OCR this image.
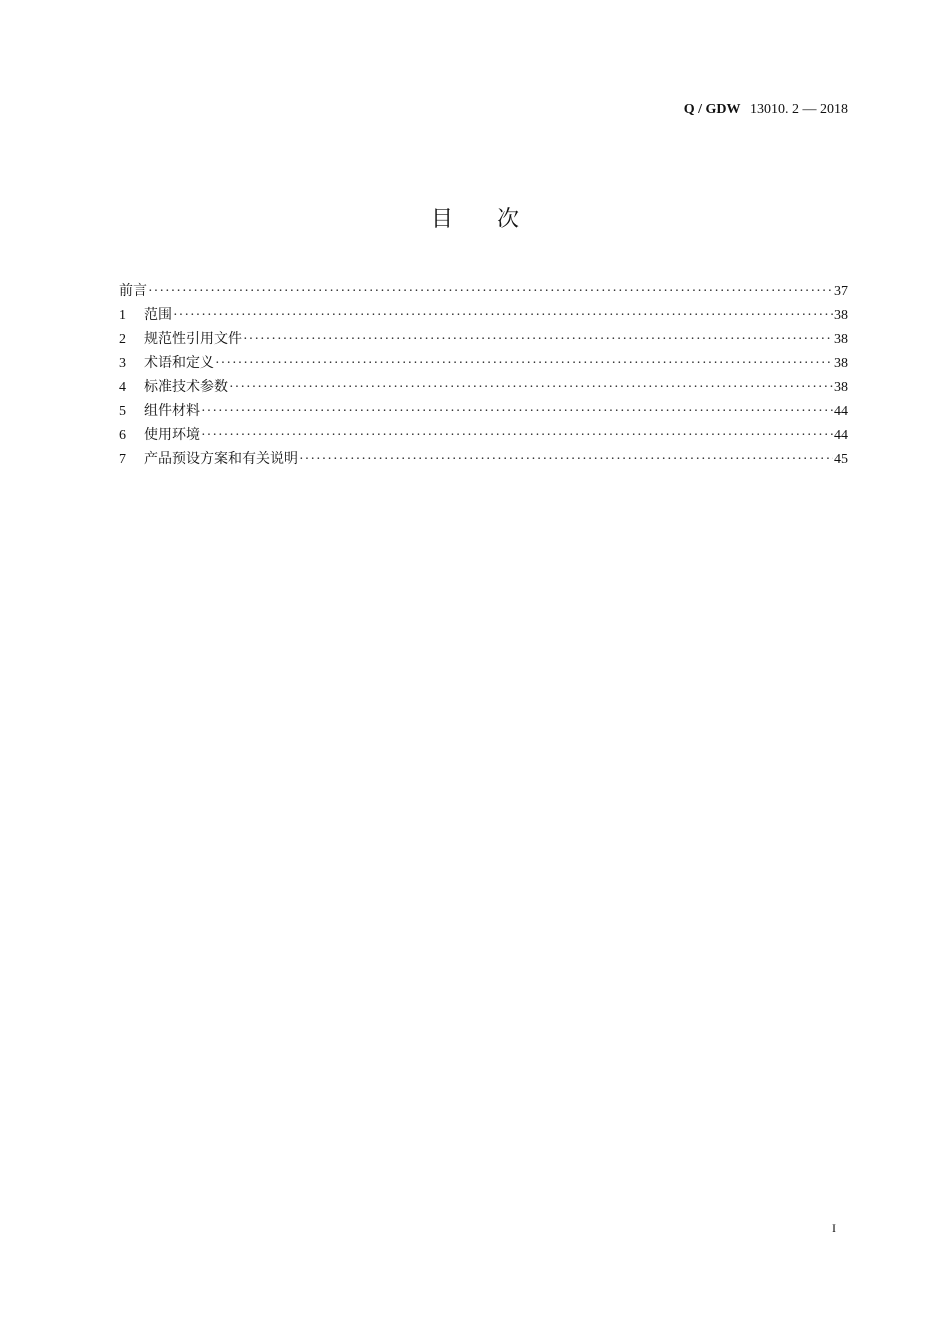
Q / GDW 13010. 2 — 2018
目次
前言 ·····	37
1	范围 ·····	38
2	规范性引用文件 ·····	38
3	术语和定义 ·····	38
4	标准技术参数 ·····	38
5	组件材料 ·····	44
6	使用环境 ·····	44
7	产品预设方案和有关说明 ·····	45
I
